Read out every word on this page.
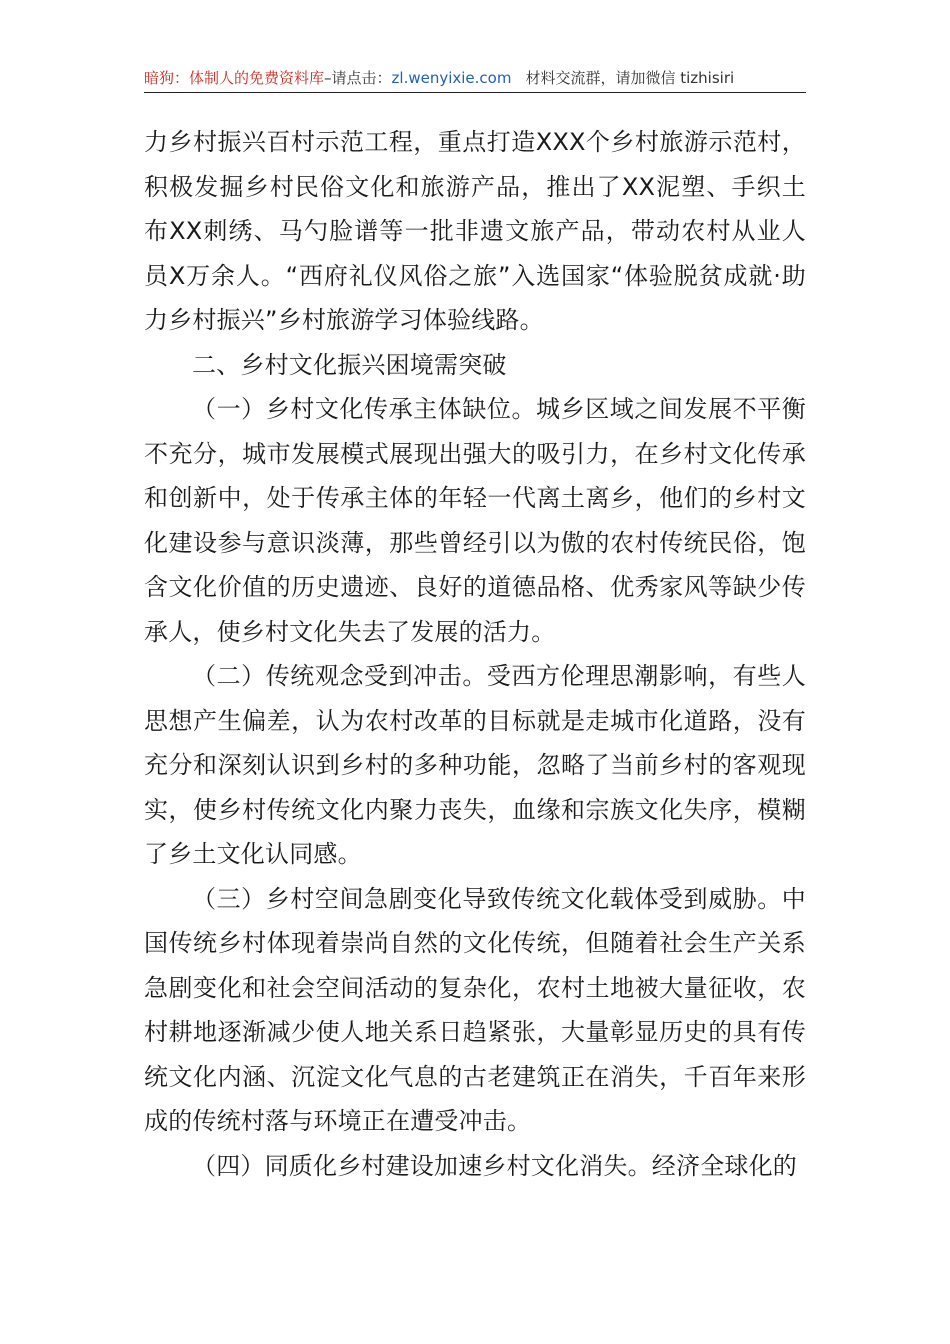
暗狗：体制人的免费资料库–请点击：zl.wenyixie.com 材料交流群，请加微信 tizhisiri

力乡村振兴百村示范工程，重点打造XXX个乡村旅游示范村，积极发掘乡村民俗文化和旅游产品，推出了XX泥塑、手织土布XX刺绣、马勺脸谱等一批非遗文旅产品，带动农村从业人员X万余人。“西府礼仪风俗之旅”入选国家“体验脱贫成就·助力乡村振兴”乡村旅游学习体验线路。

二、乡村文化振兴困境需突破

（一）乡村文化传承主体缺位。城乡区域之间发展不平衡不充分，城市发展模式展现出强大的吸引力，在乡村文化传承和创新中，处于传承主体的年轻一代离土离乡，他们的乡村文化建设参与意识淡薄，那些曾经引以为傲的农村传统民俗，饱含文化价值的历史遗迹、良好的道德品格、优秀家风等缺少传承人，使乡村文化失去了发展的活力。

（二）传统观念受到冲击。受西方伦理思潮影响，有些人思想产生偏差，认为农村改革的目标就是走城市化道路，没有充分和深刻认识到乡村的多种功能，忽略了当前乡村的客观现实，使乡村传统文化内聚力丧失，血缘和宗族文化失序，模糊了乡土文化认同感。

（三）乡村空间急剧变化导致传统文化载体受到威胁。中国传统乡村体现着崇尚自然的文化传统，但随着社会生产关系急剧变化和社会空间活动的复杂化，农村土地被大量征收，农村耕地逐渐减少使人地关系日趋紧张，大量彰显历史的具有传统文化内涵、沉淀文化气息的古老建筑正在消失，千百年来形成的传统村落与环境正在遭受冲击。

（四）同质化乡村建设加速乡村文化消失。经济全球化的
